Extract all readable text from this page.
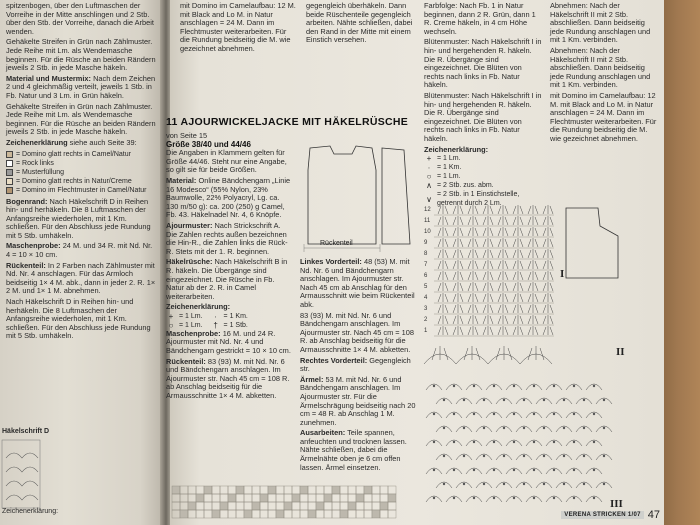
spitzenbogen, über den Luftmaschen der Vorreihe in der Mitte anschlingen und 2 Stb. über den Stb. der Vorreihe, danach die Arbeit wenden.

Gehäkelte Streifen in Grün nach Zählmuster. Jede Reihe mit Lm. als Wendemasche beginnen. Für die Rüsche an beiden Rändern jeweils 2 Stb. in jede Masche häkeln.

Material und Mustermix: Nach dem Zeichen 2 und 4 gleichmäßig verteilt, jeweils 1 Stb. in Fb. Natur und 3 Lm. in Grün häkeln.

Gehäkelte Streifen in Grün nach Zählmuster. Jede Reihe mit Lm. als Wendemasche beginnen. Für die Rüsche an beiden Rändern jeweils 2 Stb. in jede Masche häkeln.

Zeichenerklärung siehe auch Seite 39:

= Domino glatt rechts in Camel/Natur
= Rock links
= Musterfüllung
= Domino glatt rechts in Natur/Creme
= Domino im Flechtmuster in Camel/Natur

Bogenrand: Nach Häkelschrift D in Reihen hin- und herhäkeln. Die 8 Luftmaschen der Anfangsreihe wiederholen, mit 1 Km. schließen. Für den Abschluss jede Rundung mit 5 Stb. umhäkeln.

Maschenprobe: 24 M. und 34 R. mit Nd. Nr. 4 = 10 × 10 cm.

Rückenteil: In 2 Farben nach Zählmuster mit Nd. Nr. 4 anschlagen. Für das Armloch beidseitig 1× 4 M. abk., dann in jeder 2. R. 1× 2 M. und 1× 1 M. abnehmen.

Nach Häkelschrift D in Reihen hin- und herhäkeln. Die 8 Luftmaschen der Anfangsreihe wiederholen, mit 1 Km. schließen. Für den Abschluss jede Rundung mit 5 Stb. umhäkeln.

Häkelschrift D
Zeichenerklärung:

mit Domino im Camelaufbau: 12 M. mit Black and Lo M. in Natur anschlagen = 24 M. Dann im Flechtmuster weiterarbeiten. Für die Rundung beidseitig die M. wie gezeichnet abnehmen.

gegengleich überhäkeln. Dann beide Rüschenteile gegengleich arbeiten. Nähte schließen, dabei den Rand in der Mitte mit einem Einstich versehen.

Farbfolge: Nach Fb. 1 in Natur beginnen, dann 2 R. Grün, dann 1 R. Creme häkeln, in 4 cm Höhe wechseln.

Blütenmuster: Nach Häkelschrift I in hin- und hergehenden R. häkeln. Die R. Übergänge sind eingezeichnet. Die Blüten von rechts nach links in Fb. Natur häkeln.

Blütenmuster: Nach Häkelschrift I in hin- und hergehenden R. häkeln. Die R. Übergänge sind eingezeichnet. Die Blüten von rechts nach links in Fb. Natur häkeln.

Zeichenerklärung:

+ = 1 Lm.
∙ = 1 Km.
○ = 1 Lm.
∧ = 2 Stb. zus. abm.
∨ = 2 Stb. in 1 Einstichstelle, getrennt durch 2 Lm.

Abnehmen: Nach der Häkelschrift II mit 2 Stb. abschließen. Dann beidseitig jede Rundung anschlagen und mit 1 Km. verbinden.

Abnehmen: Nach der Häkelschrift II mit 2 Stb. abschließen. Dann beidseitig jede Rundung anschlagen und mit 1 Km. verbinden.

mit Domino im Camelaufbau: 12 M. mit Black and Lo M. in Natur anschlagen = 24 M. Dann im Flechtmuster weiterarbeiten. Für die Rundung beidseitig die M. wie gezeichnet abnehmen.

11 AJOURWICKELJACKE MIT HÄKELRÜSCHE

von Seite 15

Größe 38/40 und 44/46

Die Angaben in Klammern gelten für Größe 44/46. Steht nur eine Angabe, so gilt sie für beide Größen.

Material: Online Bändchengarn „Linie 16 Modesco“ (55% Nylon, 23% Baumwolle, 22% Polyacryl, Lg. ca. 130 m/50 g): ca. 200 (250) g Camel, Fb. 43. Häkelnadel Nr. 4, 6 Knöpfe.

Ajourmuster: Nach Strickschrift A. Die Zahlen rechts außen bezeichnen die Hin-R., die Zahlen links die Rück-R. Stets mit der 1. R. beginnen.

Häkelrüsche: Nach Häkelschrift B in R. häkeln. Die Übergänge sind eingezeichnet. Die Rüsche in Fb. Natur ab der 2. R. in Camel weiterarbeiten.

Zeichenerklärung:

+ = 1 Lm.	∙ = 1 Km.
○ = 1 Lm.	† = 1 Stb.

Maschenprobe: 16 M. und 24 R. Ajourmuster mit Nd. Nr. 4 und Bändchengarn gestrickt = 10 × 10 cm.

Rückenteil: 83 (93) M. mit Nd. Nr. 6 und Bändchengarn anschlagen. Im Ajourmuster str. Nach 45 cm = 108 R. ab Anschlag beidseitig für die Armausschnitte 1× 4 M. abketten.

Rückenteil

Linkes Vorderteil: 48 (53) M. mit Nd. Nr. 6 und Bändchengarn anschlagen. Im Ajourmuster str. Nach 45 cm ab Anschlag für den Armausschnitt wie beim Rückenteil abk.

83 (93) M. mit Nd. Nr. 6 und Bändchengarn anschlagen. Im Ajourmuster str. Nach 45 cm = 108 R. ab Anschlag beidseitig für die Armausschnitte 1× 4 M. abketten.

Rechtes Vorderteil: Gegengleich str.

Ärmel: 53 M. mit Nd. Nr. 6 und Bändchengarn anschlagen. Im Ajourmuster str. Für die Ärmelschrägung beidseitig nach 20 cm = 48 R. ab Anschlag 1 M. zunehmen.

Ausarbeiten: Teile spannen, anfeuchten und trocknen lassen. Nähte schließen, dabei die Ärmelnähte oben je 6 cm offen lassen. Ärmel einsetzen.

12
11
10
9
8
7
6
5
4
3
2
1
I
II
III
VERENA STRICKEN 1/07 47
